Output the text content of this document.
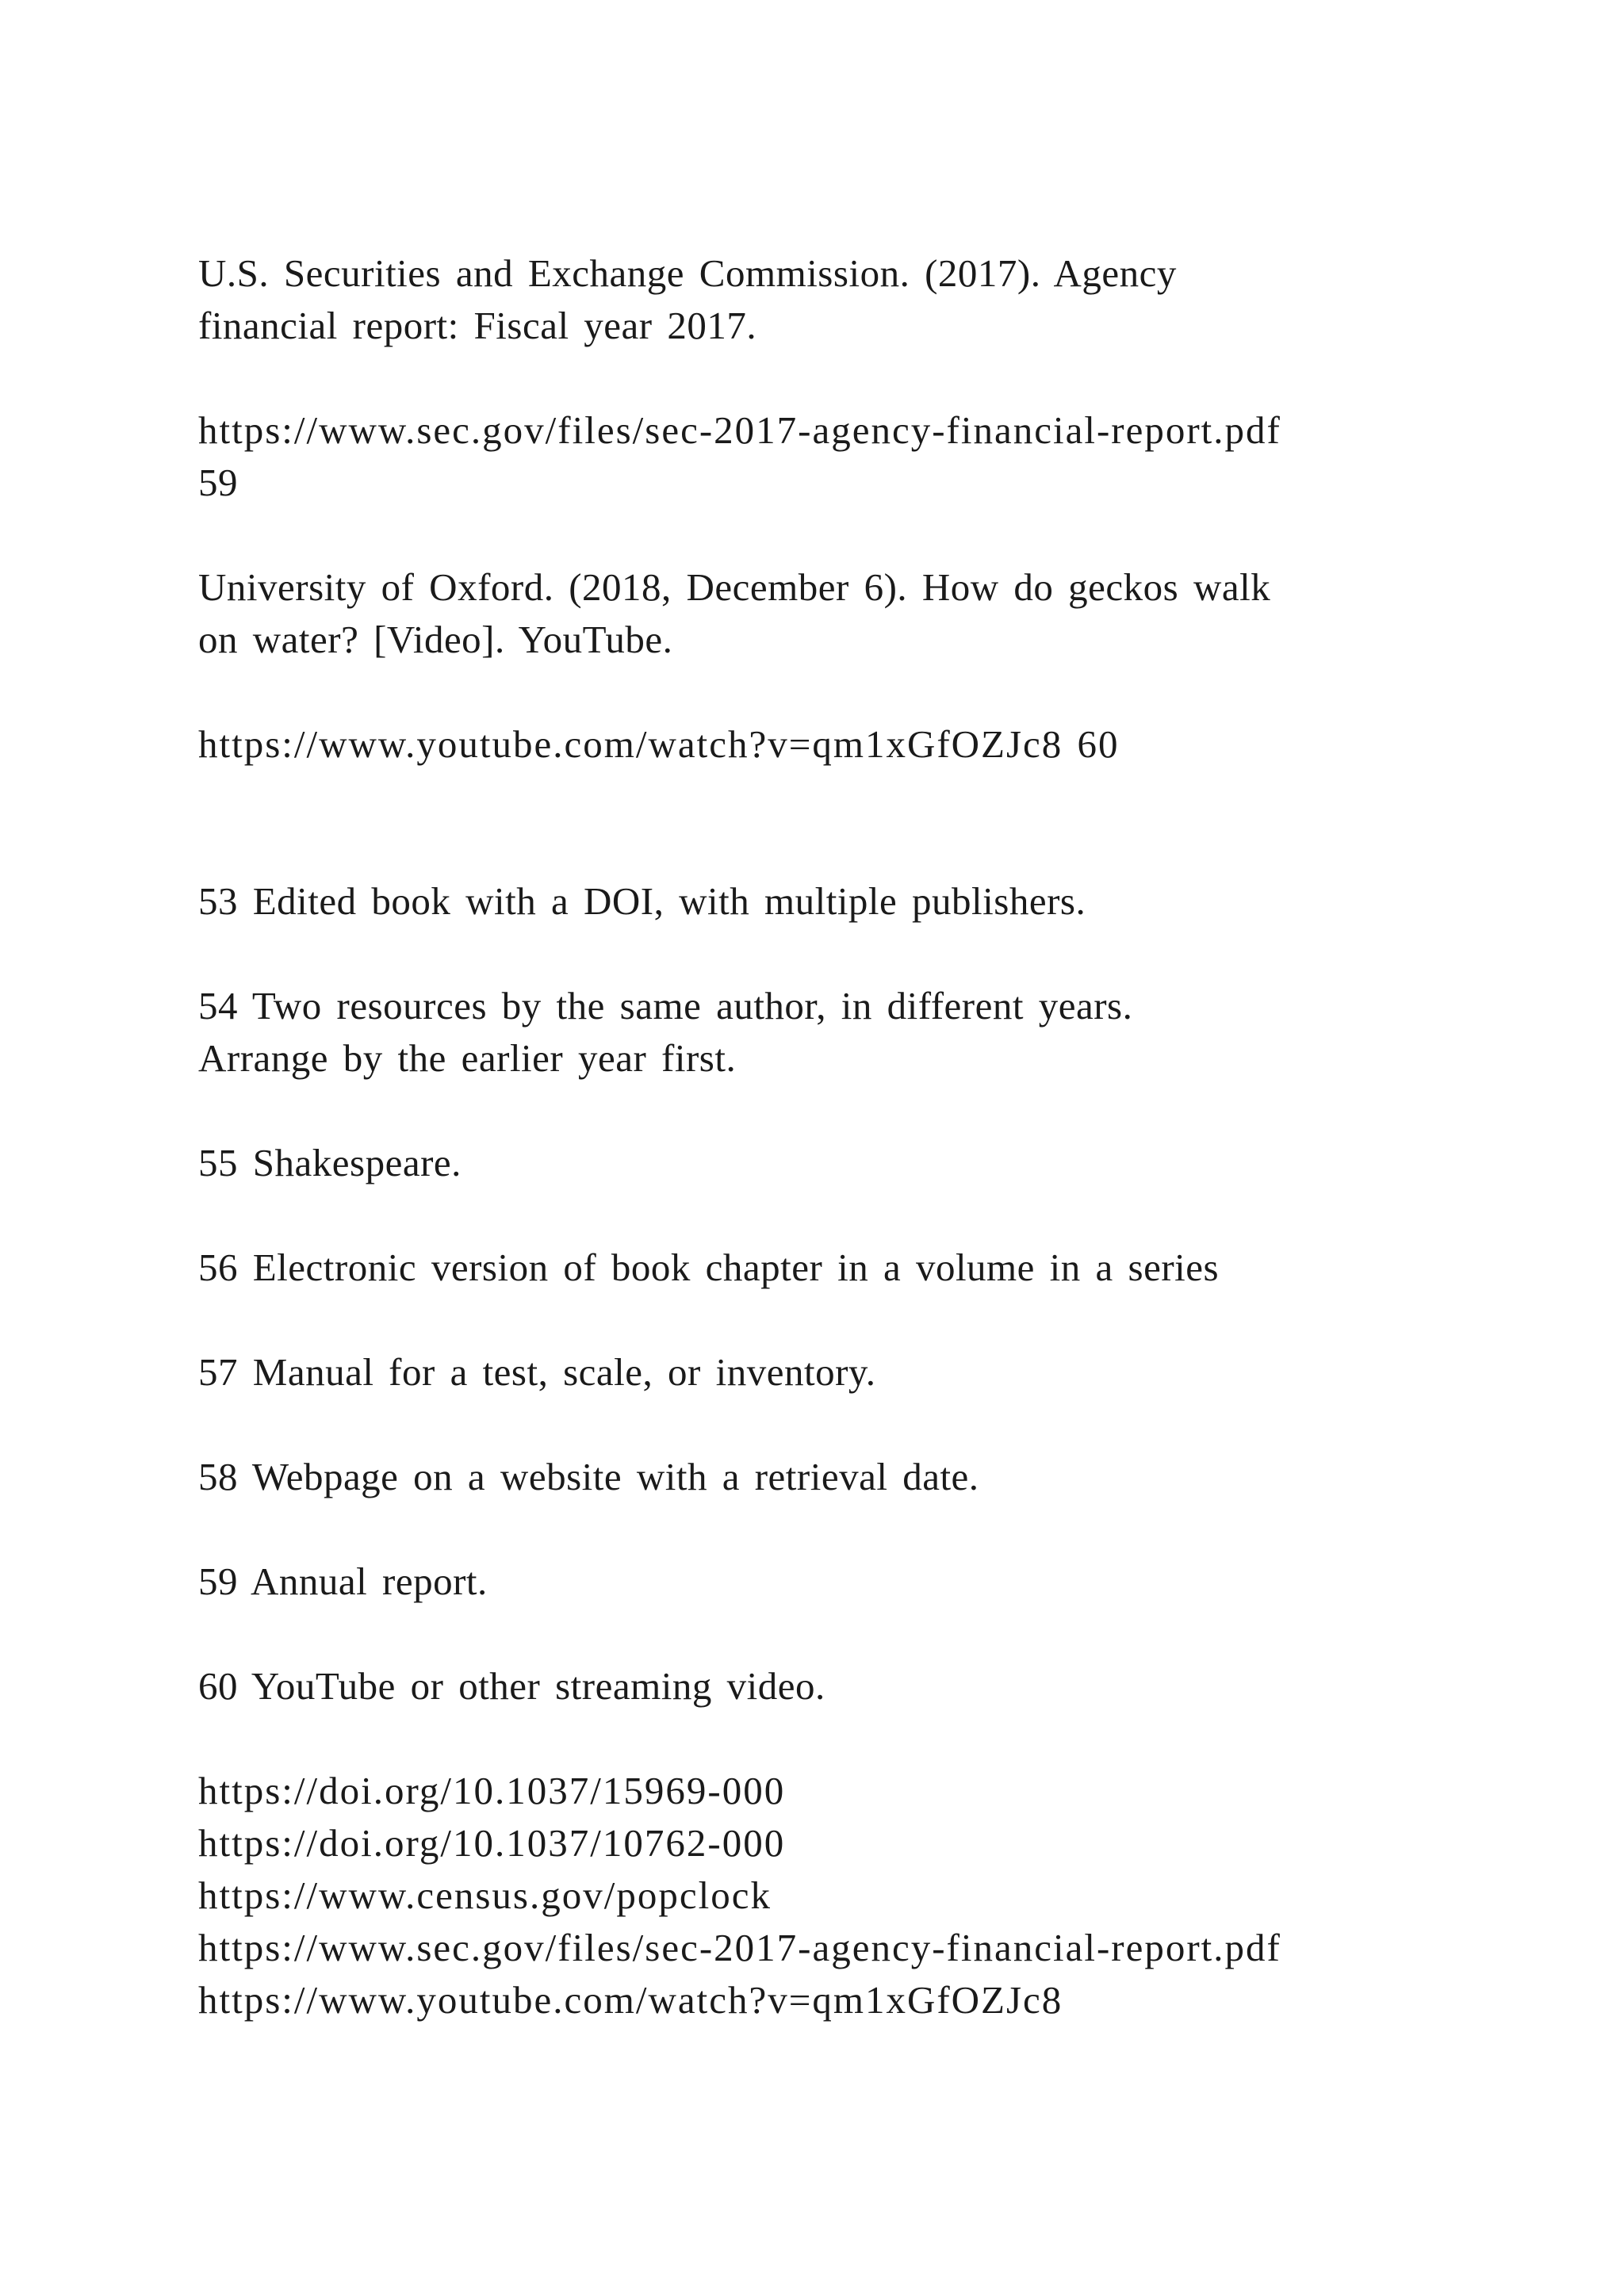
U.S. Securities and Exchange Commission. (2017). Agency

financial report: Fiscal year 2017.

https://www.sec.gov/files/sec-2017-agency-financial-report.pdf

59

University of Oxford. (2018, December 6). How do geckos walk

on water? [Video]. YouTube.

https://www.youtube.com/watch?v=qm1xGfOZJc8 60

53 Edited book with a DOI, with multiple publishers.

54 Two resources by the same author, in different years.

Arrange by the earlier year first.

55 Shakespeare.

56 Electronic version of book chapter in a volume in a series

57 Manual for a test, scale, or inventory.

58 Webpage on a website with a retrieval date.

59 Annual report.

60 YouTube or other streaming video.

https://doi.org/10.1037/15969-000

https://doi.org/10.1037/10762-000

https://www.census.gov/popclock

https://www.sec.gov/files/sec-2017-agency-financial-report.pdf

https://www.youtube.com/watch?v=qm1xGfOZJc8
